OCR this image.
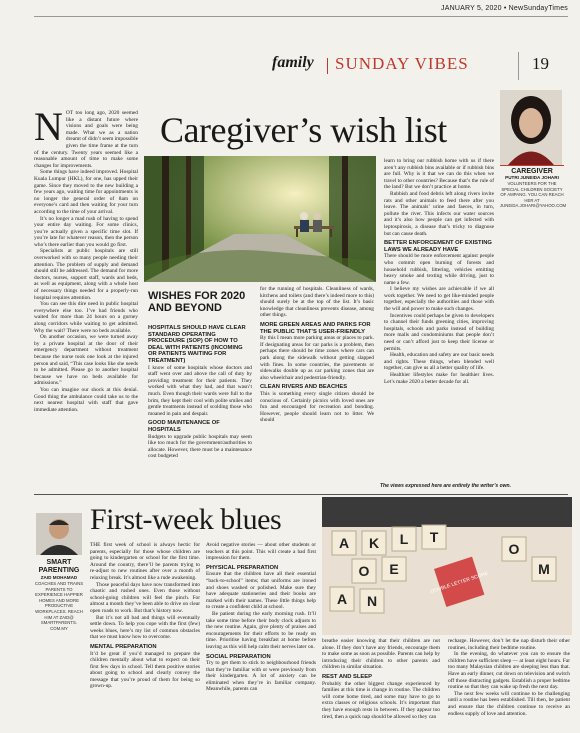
JANUARY 5, 2020 • NewSundayTimes
family SUNDAY VIBES	19
Caregiver’s wish list
N OT too long ago, 2020 seemed like a distant future where visions and goals were being made. What we as a nation dreamt of didn’t seem impossible given the time frame at the turn of the century. Twenty years seemed like a reasonable amount of time to make some changes for improvements.

Some things have indeed improved. Hospital Kuala Lumpur (HKL), for one, has upped their game. Since they moved to the new building a few years ago, waiting time for appointments is no longer the general order of 8am on everyone’s card and then waiting for your turn according to the time of your arrival.

It’s no longer a mad rush of having to spend your entire day waiting. For some clinics, you’re actually given a specific time slot. If you’re late for whatever reason, then the person who’s there earlier than you would go first.

Specialists at public hospitals are still overworked with so many people needing their attention. The problem of supply and demand should still be addressed. The demand for more doctors, nurses, support staff, wards and beds, as well as equipment, along with a whole host of necessary things needed for a properly-run hospital requires attention.

You can see this dire need in public hospital everywhere else too. I’ve had friends who waited for more than 24 hours on a gurney along corridors while waiting to get admitted. Why the wait? There were no beds available.

On another occasion, we were turned away by a private hospital at the door of their emergency department without treatment because the nurse took one look at the injured person and said, “This case looks like she needs to be admitted. Please go to another hospital because we have no beds available for admissions.”

You can imagine our shock at this denial. Good thing the ambulance could take us to the next nearest hospital with staff that gave immediate attention.

WISHES FOR 2020 AND BEYOND

HOSPITALS SHOULD HAVE CLEAR STANDARD OPERATING PROCEDURE (SOP) OF HOW TO DEAL WITH PATIENTS (INCOMING OR PATIENTS WAITING FOR TREATMENT)

I know of some hospitals whose doctors and staff went over and above the call of duty by providing treatment for their patients. They worked with what they had, and that wasn’t much. Even though their wards were full to the brim, they kept their cool with polite smiles and gentle treatments instead of scolding those who moaned in pain and despair.

GOOD MAINTENANCE OF HOSPITALS

Budgets to upgrade public hospitals may seem like too much for the government/authorities to allocate. However, there must be a maintenance cost budgeted

for the running of hospitals. Cleanliness of wards, kitchens and toilets (and there’s indeed more to this) should surely be at the top of the list. It’s basic knowledge that cleanliness prevents disease, among other things.

MORE GREEN AREAS AND PARKS FOR THE PUBLIC THAT’S USER-FRIENDLY

By this I mean more parking areas or places to park. If designating areas for car parks is a problem, then perhaps there should be time zones where cars can park along the sidewalk without getting slapped with fines. In some countries, the pavements or sidewalks double up as car parking zones that are also wheelchair and pedestrian-friendly.

CLEAN RIVERS AND BEACHES

This is something every single citizen should be conscious of. Certainly picnics with loved ones are fun and encouraged for recreation and bonding. However, people should learn not to litter. We should

learn to bring our rubbish home with us if there aren’t any rubbish bins available or if rubbish bins are full. Why is it that we can do this when we travel to other countries? Because that’s the rule of the land? But we don’t practice at home.

Rubbish and food debris left along rivers invite rats and other animals to feed there after you leave. The animals’ urine and faeces, in turn, pollute the river. This infects our water sources and it’s also how people can get infected with leptospirosis, a disease that’s tricky to diagnose but can cause death.

BETTER ENFORCEMENT OF EXISTING LAWS WE ALREADY HAVE

There should be more enforcement against people who commit open burning of forests and household rubbish, littering, vehicles emitting heavy smoke and texting while driving, just to name a few.

I believe my wishes are achievable if we all work together. We need to get like-minded people together, especially the authorities and those with the will and power to make such changes.

Incentives could perhaps be given to developers to channel their funds greening cities, improving hospitals, schools and parks instead of building more malls and condominiums that people don’t need or can’t afford just to keep their license or permits.

Health, education and safety are our basic needs and rights. These things, when blended well together, can give us all a better quality of life.

Healthier lifestyles make for healthier lives. Let’s make 2020 a better decade for all.

CAREGIVER
PUTRI JUNEIDA JOHARI
VOLUNTEERS FOR THE SPECIAL CHILDREN SOCIETY OF AMPANG. YOU CAN REACH HER AT JUNEIDA.JOHARI@YAHOO.COM
The views expressed here are entirely the writer’s own.
First-week blues
A K L T
O E
A N
O
M
DOUBLE LETTER SCORE
SMART PARENTING
ZAID MOHAMAD
COACHES AND TRAINS PARENTS TO EXPERIENCE HAPPIER HOMES AND MORE PRODUCTIVE WORKPLACES. REACH HIM AT ZAID@ SMARTPARENTS. COM.MY

THE first week of school is always hectic for parents, especially for those whose children are going to kindergarten or school for the first time. Around the country, there’ll be parents trying to re-adjust to new routines after over a month of relaxing break. It’s almost like a rude awakening.

Those peaceful days have now transformed into chaotic and rushed ones. Even those without school-going children will feel the pinch. For almost a month they’ve been able to drive on clear open roads to work. But that’s history now.

But it’s not all bad and things will eventually settle down. To help you cope with the first (few) weeks blues, here’s my list of common obstacles that we must know how to overcome.

MENTAL PREPARATION

It’d be great if you’d managed to prepare the children mentally about what to expect on their first few days in school. Tell them positive stories about going to school and clearly convey the message that you’re proud of them for being so grown-up.

Avoid negative stories — about other students or teachers at this point. This will create a bad first impression for them.

PHYSICAL PREPARATION

Ensure that the children have all their essential “back-to-school” items; that uniforms are ironed and shoes washed or polished. Make sure they have adequate stationeries and their books are marked with their names. These little things help to create a confident child at school.

Be patient during the early morning rush. It’ll take some time before their body clock adjusts to the new routine. Again, give plenty of praises and encouragements for their efforts to be ready on time. Prioritise having breakfast at home before leaving as this will help calm their nerves later on.

SOCIAL PREPARATION

Try to get them to stick to neighbourhood friends that they’re familiar with or were previously from their kindergarten. A lot of anxiety can be eliminated when they’re in familiar company. Meanwhile, parents can

breathe easier knowing that their children are not alone. If they don’t have any friends, encourage them to make some as soon as possible. Parents can help by introducing their children to other parents and children in similar situation.

REST AND SLEEP

Probably the other biggest change experienced by families at this time is change in routine. The children will come home tired, and some may have to go to extra classes or religious schools. It’s important that they have enough rests in between. If they appear too tired, then a quick nap should be allowed so they can

recharge. However, don’t let the nap disturb their other routines, including their bedtime routine.

In the evening, do whatever you can to ensure the children have sufficient sleep — at least eight hours. Far too many Malaysian children are sleeping less than that. Have an early dinner, cut down on television and switch off those distracting gadgets. Establish a proper bedtime routine so that they can wake up fresh the next day.

The next few weeks will continue to be challenging until a routine has been established. Till then, be patient and ensure that the children continue to receive an endless supply of love and attention.
